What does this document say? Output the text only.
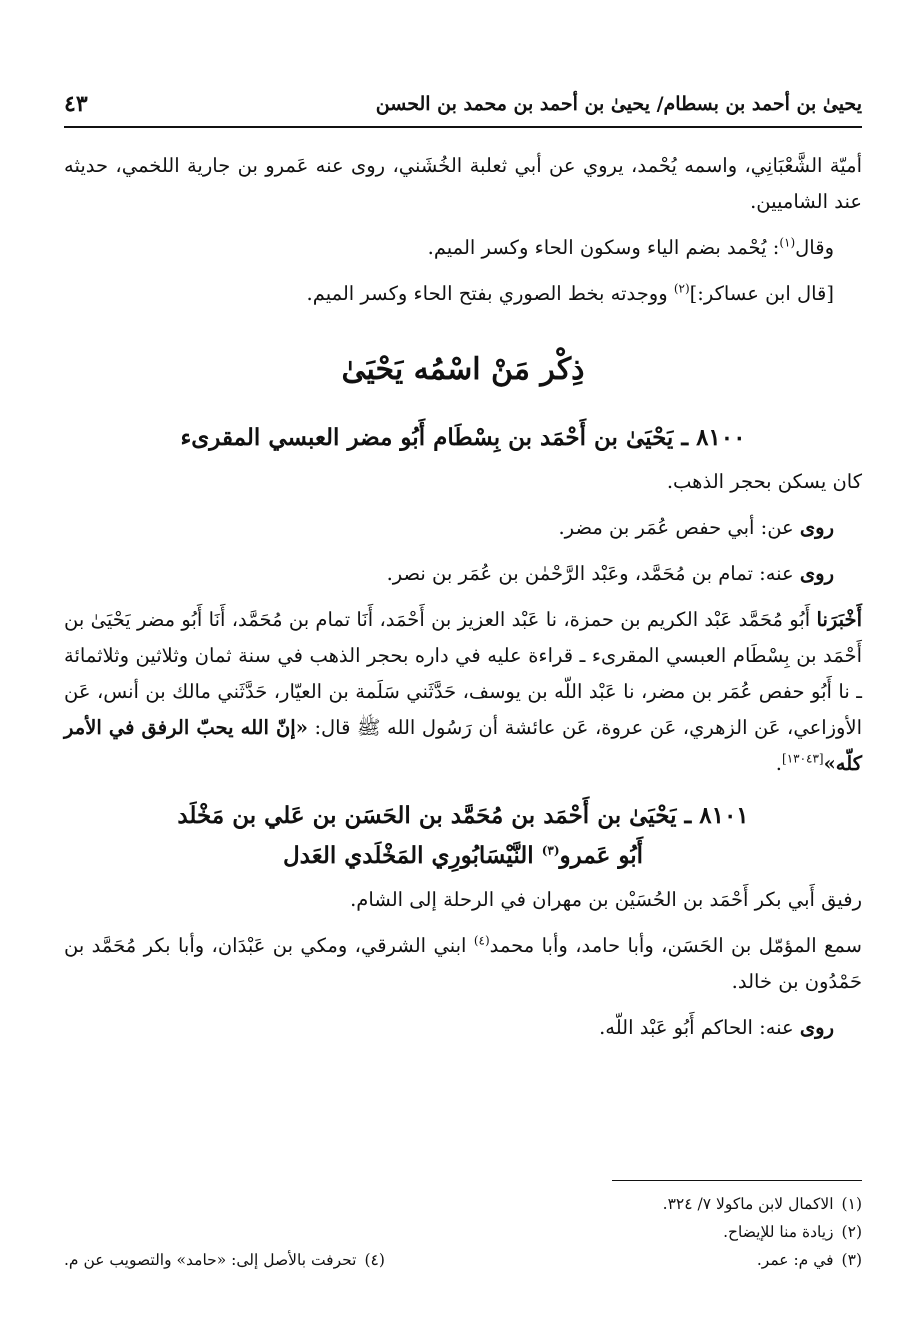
يحيىٰ بن أحمد بن بسطام/ يحيىٰ بن أحمد بن محمد بن الحسن
٤٣

أميّة الشَّعْبَانِي، واسمه يُحْمد، يروي عن أبي ثعلبة الخُشَني، روى عنه عَمرو بن جارية اللخمي، حديثه عند الشاميين.

وقال$^{(١)}$: يُحْمد بضم الياء وسكون الحاء وكسر الميم.

[قال ابن عساكر:]$^{(٢)}$ ووجدته بخط الصوري بفتح الحاء وكسر الميم.

ذِكْر مَنْ اسْمُه يَحْيَىٰ
٨١٠٠ ـ يَحْيَىٰ بن أَحْمَد بن بِسْطَام أَبُو مضر العبسي المقرىء

كان يسكن بحجر الذهب.

روى عن: أبي حفص عُمَر بن مضر.

روى عنه: تمام بن مُحَمَّد، وعَبْد الرَّحْمٰن بن عُمَر بن نصر.

أَخْبَرَنا أَبُو مُحَمَّد عَبْد الكريم بن حمزة، نا عَبْد العزيز بن أَحْمَد، أَنَا تمام بن مُحَمَّد، أَنَا أَبُو مضر يَحْيَىٰ بن أَحْمَد بن بِسْطَام العبسي المقرىء ـ قراءة عليه في داره بحجر الذهب في سنة ثمان وثلاثين وثلاثمائة ـ نا أَبُو حفص عُمَر بن مضر، نا عَبْد اللّه بن يوسف، حَدَّثَني سَلَمة بن العيّار، حَدَّثَني مالك بن أنس، عَن الأوزاعي، عَن الزهري، عَن عروة، عَن عائشة أن رَسُول الله ﷺ قال: «إنّ الله يحبّ الرفق في الأمر كلّه»[١٣٠٤٣].

٨١٠١ ـ يَحْيَىٰ بن أَحْمَد بن مُحَمَّد بن الحَسَن بن عَلي بن مَخْلَد
أَبُو عَمرو$^{(٣)}$ النَّيْسَابُورِي المَخْلَدي العَدل

رفيق أَبي بكر أَحْمَد بن الحُسَيْن بن مهران في الرحلة إلى الشام.

سمع المؤمّل بن الحَسَن، وأبا حامد، وأبا محمد$^{(٤)}$ ابني الشرقي، ومكي بن عَبْدَان، وأبا بكر مُحَمَّد بن حَمْدُون بن خالد.

روى عنه: الحاكم أَبُو عَبْد اللّه.

(١)الاكمال لابن ماكولا ٧/ ٣٢٤.
(٢)زيادة منا للإيضاح.
(٣)في م: عمر.
(٤)تحرفت بالأصل إلى: «حامد» والتصويب عن م.
